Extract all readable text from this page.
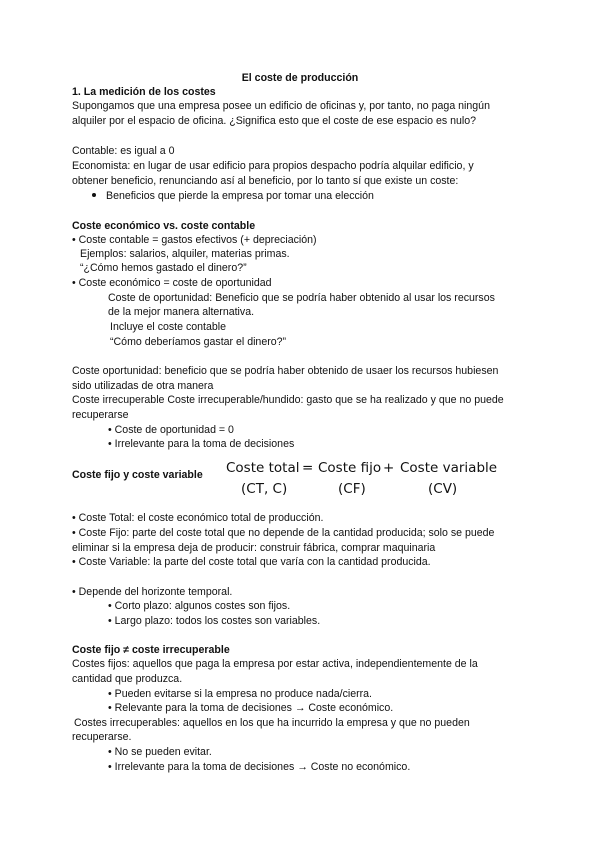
El coste de producción
1. La medición de los costes
Supongamos que una empresa posee un edificio de oficinas y, por tanto, no paga ningún
alquiler por el espacio de oficina. ¿Significa esto que el coste de ese espacio es nulo?
Contable: es igual a 0
Economista: en lugar de usar edificio para propios despacho podría alquilar edificio, y
obtener beneficio, renunciando así al beneficio, por lo tanto sí que existe un coste:
Beneficios que pierde la empresa por tomar una elección
Coste económico vs. coste contable
• Coste contable = gastos efectivos (+ depreciación)
Ejemplos: salarios, alquiler, materias primas.
“¿Cómo hemos gastado el dinero?”
• Coste económico = coste de oportunidad
Coste de oportunidad: Beneficio que se podría haber obtenido al usar los recursos
de la mejor manera alternativa.
Incluye el coste contable
“Cómo deberíamos gastar el dinero?”
Coste oportunidad: beneficio que se podría haber obtenido de usaer los recursos hubiesen
sido utilizadas de otra manera
Coste irrecuperable Coste irrecuperable/hundido: gasto que se ha realizado y que no puede
recuperarse
• Coste de oportunidad = 0
• Irrelevante para la toma de decisiones
Coste fijo y coste variable Coste total = Coste fijo + Coste variable
(CT, C)	(CF)	(CV)
• Coste Total: el coste económico total de producción.
• Coste Fijo: parte del coste total que no depende de la cantidad producida; solo se puede
eliminar si la empresa deja de producir: construir fábrica, comprar maquinaria
• Coste Variable: la parte del coste total que varía con la cantidad producida.
• Depende del horizonte temporal.
• Corto plazo: algunos costes son fijos.
• Largo plazo: todos los costes son variables.
Coste fijo ≠ coste irrecuperable
Costes fijos: aquellos que paga la empresa por estar activa, independientemente de la
cantidad que produzca.
• Pueden evitarse si la empresa no produce nada/cierra.
• Relevante para la toma de decisiones → Coste económico.
Costes irrecuperables: aquellos en los que ha incurrido la empresa y que no pueden
recuperarse.
• No se pueden evitar.
• Irrelevante para la toma de decisiones → Coste no económico.
